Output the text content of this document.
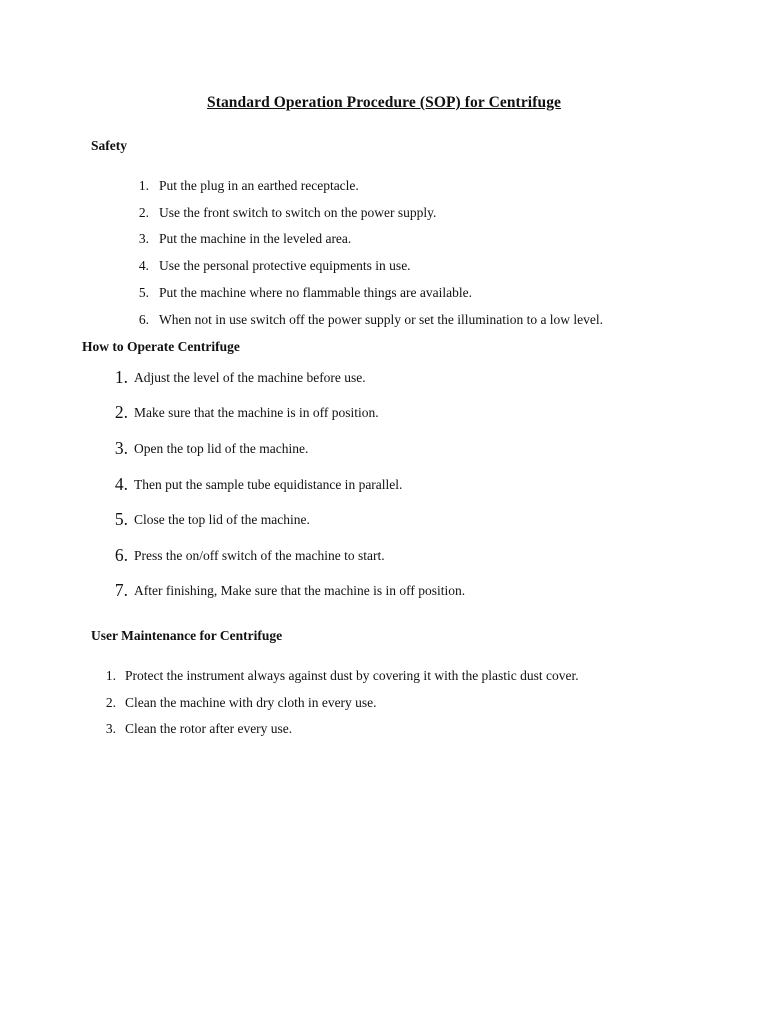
Standard Operation Procedure (SOP) for Centrifuge
Safety
1. Put the plug in an earthed receptacle.
2. Use the front switch to switch on the power supply.
3. Put the machine in the leveled area.
4. Use the personal protective equipments in use.
5. Put the machine where no flammable things are available.
6. When not in use switch off the power supply or set the illumination to a low level.
How to Operate Centrifuge
1. Adjust the level of the machine before use.
2. Make sure that the machine is in off position.
3. Open the top lid of the machine.
4. Then put the sample tube equidistance in parallel.
5. Close the top lid of the machine.
6. Press the on/off switch of the machine to start.
7. After finishing, Make sure that the machine is in off position.
User Maintenance for Centrifuge
1. Protect the instrument always against dust by covering it with the plastic dust cover.
2. Clean the machine with dry cloth in every use.
3. Clean the rotor after every use.
